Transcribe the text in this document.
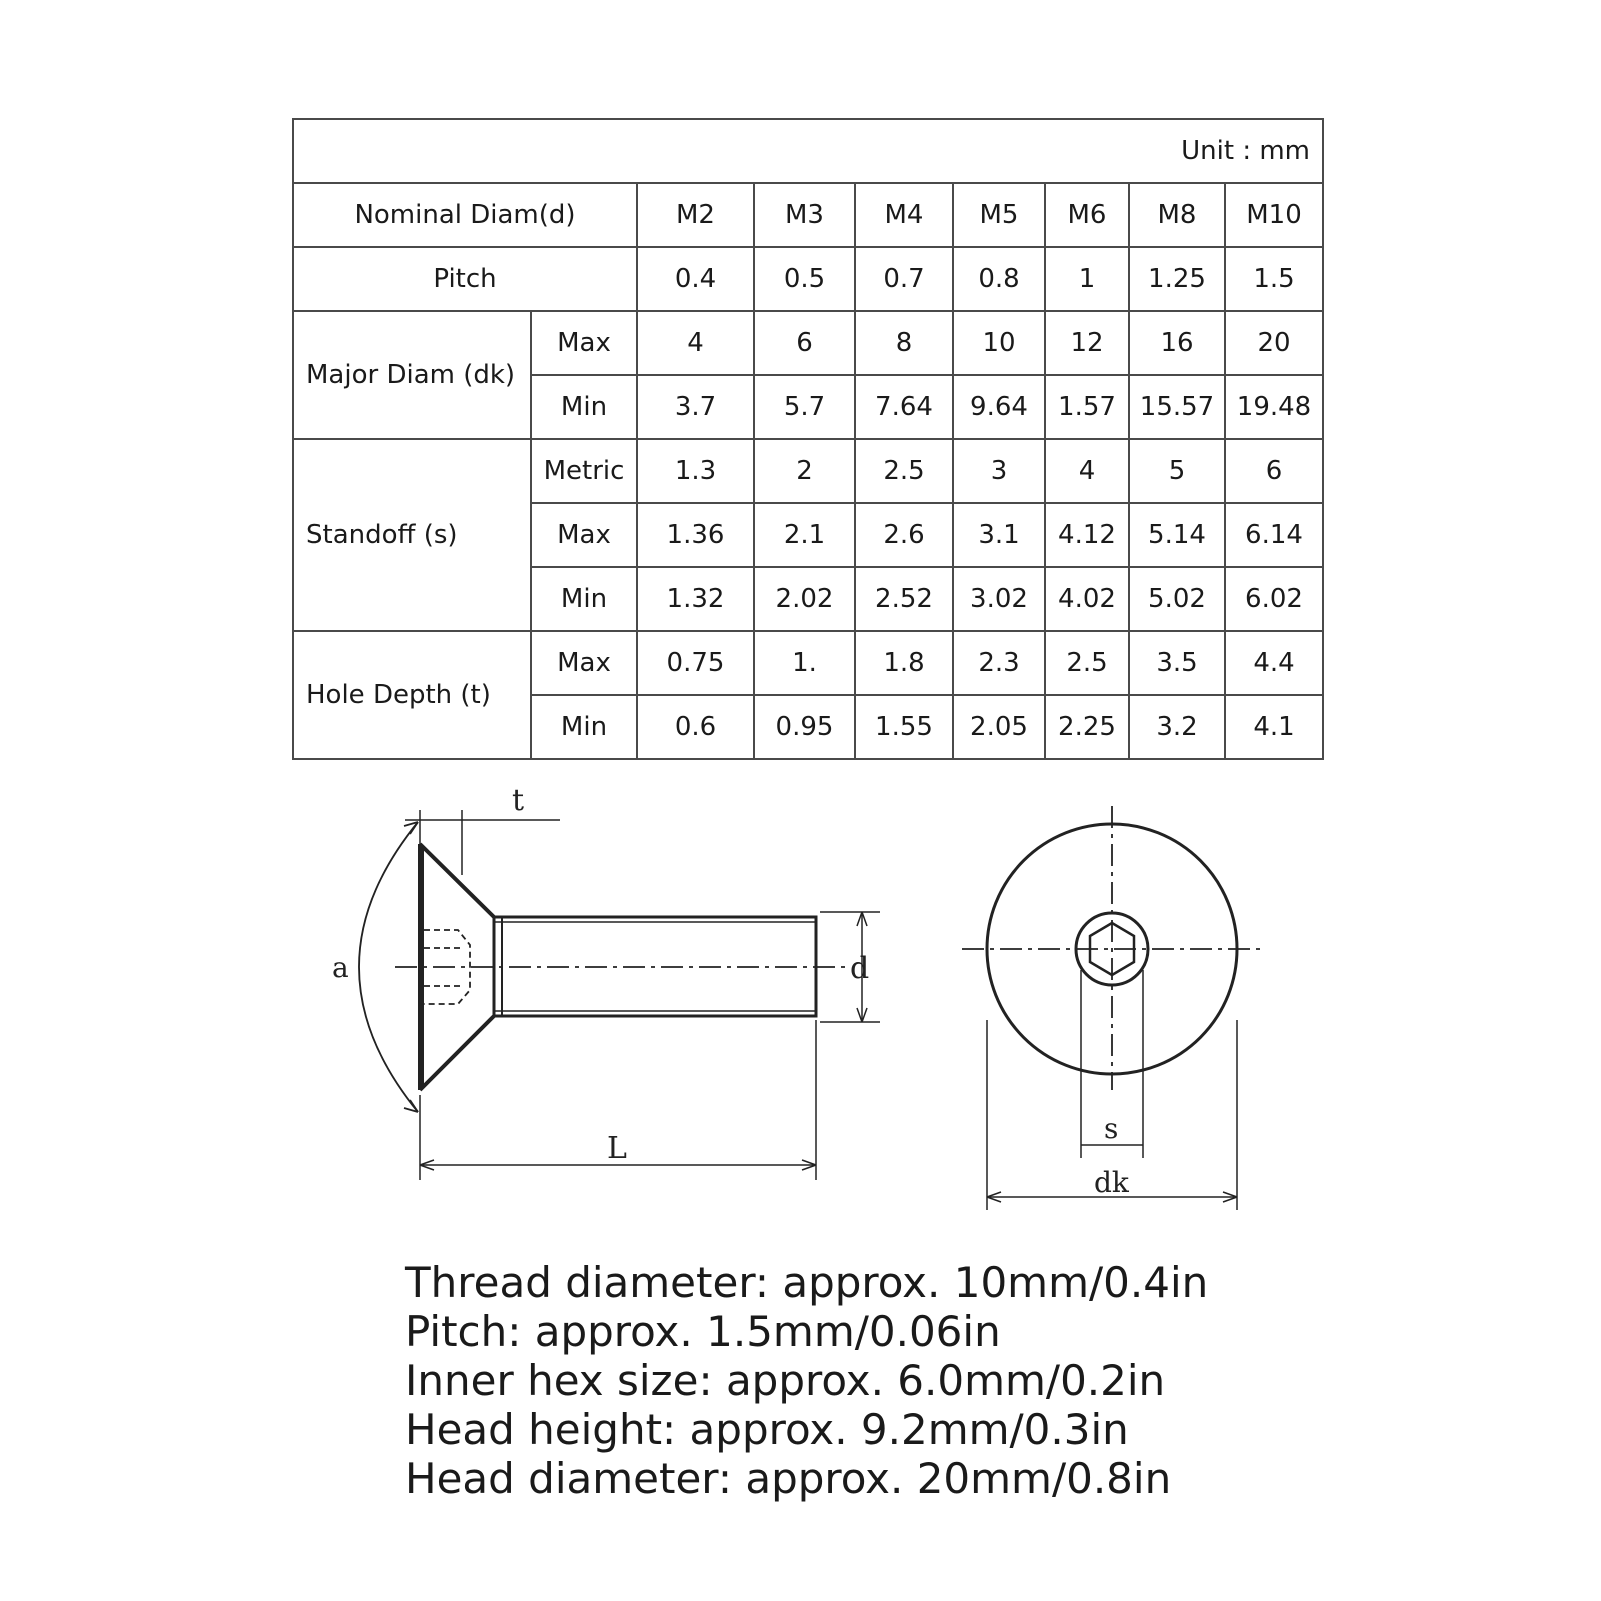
Unit : mm								
Nominal Diam(d)		M2	M3	M4	M5	M6	M8	M10
Pitch		0.4	0.5	0.7	0.8	1	1.25	1.5
Major Diam (dk)	Max	4	6	8	10	12	16	20
	Min	3.7	5.7	7.64	9.64	1.57	15.57	19.48
Standoff (s)	Metric	1.3	2	2.5	3	4	5	6
	Max	1.36	2.1	2.6	3.1	4.12	5.14	6.14
	Min	1.32	2.02	2.52	3.02	4.02	5.02	6.02
Hole Depth (t)	Max	0.75	1.	1.8	2.3	2.5	3.5	4.4
	Min	0.6	0.95	1.55	2.05	2.25	3.2	4.1
t
a	d
L
s
dk
Thread diameter: approx. 10mm/0.4in
Pitch: approx. 1.5mm/0.06in
Inner hex size: approx. 6.0mm/0.2in
Head height: approx. 9.2mm/0.3in
Head diameter: approx. 20mm/0.8in
